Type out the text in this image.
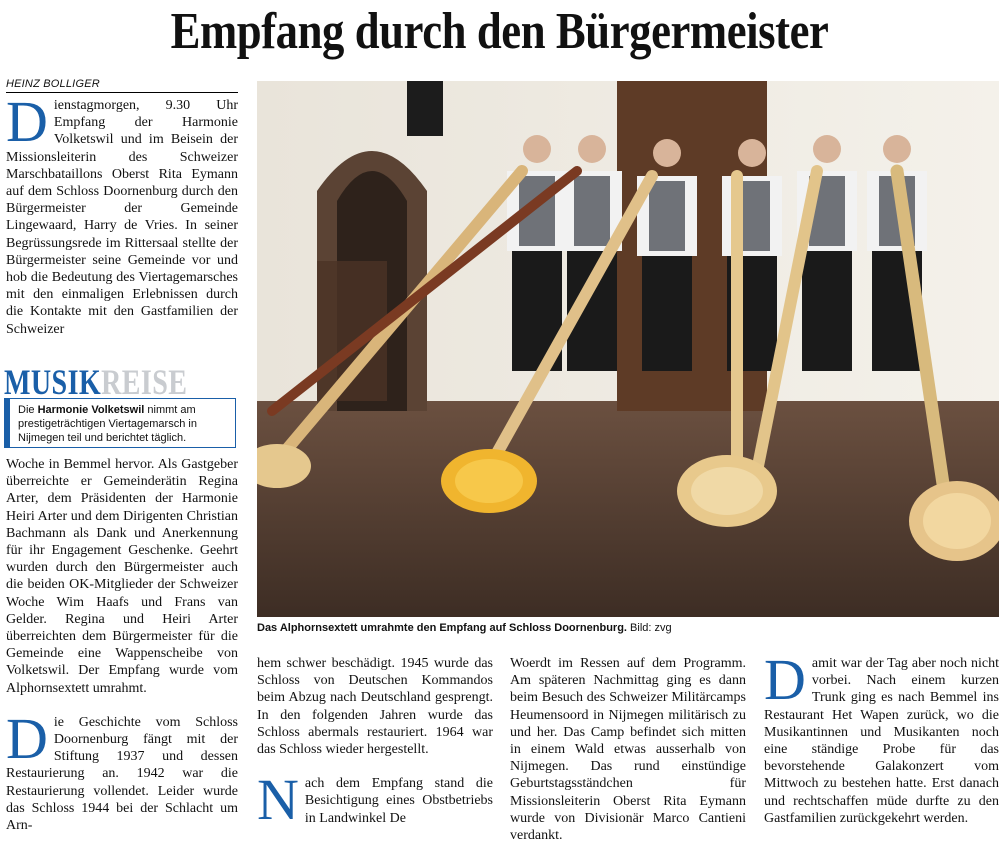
Empfang durch den Bürgermeister
HEINZ BOLLIGER

Dienstagmorgen, 9.30 Uhr Empfang der Harmonie Volketswil und im Beisein der Missionsleiterin des Schweizer Marschbataillons Oberst Rita Eymann auf dem Schloss Doornenburg durch den Bürgermeister der Gemeinde Lingewaard, Harry de Vries. In seiner Begrüssungsrede im Rittersaal stellte der Bürgermeister seine Gemeinde vor und hob die Bedeutung des Viertagemarsches mit den einmaligen Erlebnissen durch die Kontakte mit den Gastfamilien der Schweizer

MUSIKREISE
Die Harmonie Volketswil nimmt am prestigeträchtigen Viertagemarsch in Nijmegen teil und berichtet täglich.

Woche in Bemmel hervor. Als Gastgeber überreichte er Gemeinderätin Regina Arter, dem Präsidenten der Harmonie Heiri Arter und dem Dirigenten Christian Bachmann als Dank und Anerkennung für ihr Engagement Geschenke. Geehrt wurden durch den Bürgermeister auch die beiden OK-Mitglieder der Schweizer Woche Wim Haafs und Frans van Gelder. Regina und Heiri Arter überreichten dem Bürgermeister für die Gemeinde eine Wappenscheibe von Volketswil. Der Empfang wurde vom Alphornsextett umrahmt.

Die Geschichte vom Schloss Doornenburg fängt mit der Stiftung 1937 und dessen Restaurierung an. 1942 war die Restaurierung vollendet. Leider wurde das Schloss 1944 bei der Schlacht um Arn-

Das Alphornsextett umrahmte den Empfang auf Schloss Doornenburg. Bild: zvg

hem schwer beschädigt. 1945 wurde das Schloss von Deutschen Kommandos beim Abzug nach Deutschland gesprengt. In den folgenden Jahren wurde das Schloss abermals restauriert. 1964 war das Schloss wieder hergestellt.

Nach dem Empfang stand die Besichtigung eines Obstbetriebs in Landwinkel De

Woerdt im Ressen auf dem Programm. Am späteren Nachmittag ging es dann beim Besuch des Schweizer Militärcamps Heumensoord in Nijmegen militärisch zu und her. Das Camp befindet sich mitten in einem Wald etwas ausserhalb von Nijmegen. Das rund einstündige Geburtstagsständchen für Missionsleiterin Oberst Rita Eymann wurde von Divisionär Marco Cantieni verdankt.

Damit war der Tag aber noch nicht vorbei. Nach einem kurzen Trunk ging es nach Bemmel ins Restaurant Het Wapen zurück, wo die Musikantinnen und Musikanten noch eine ständige Probe für das bevorstehende Galakonzert vom Mittwoch zu bestehen hatte. Erst danach und rechtschaffen müde durfte zu den Gastfamilien zurückgekehrt werden.
